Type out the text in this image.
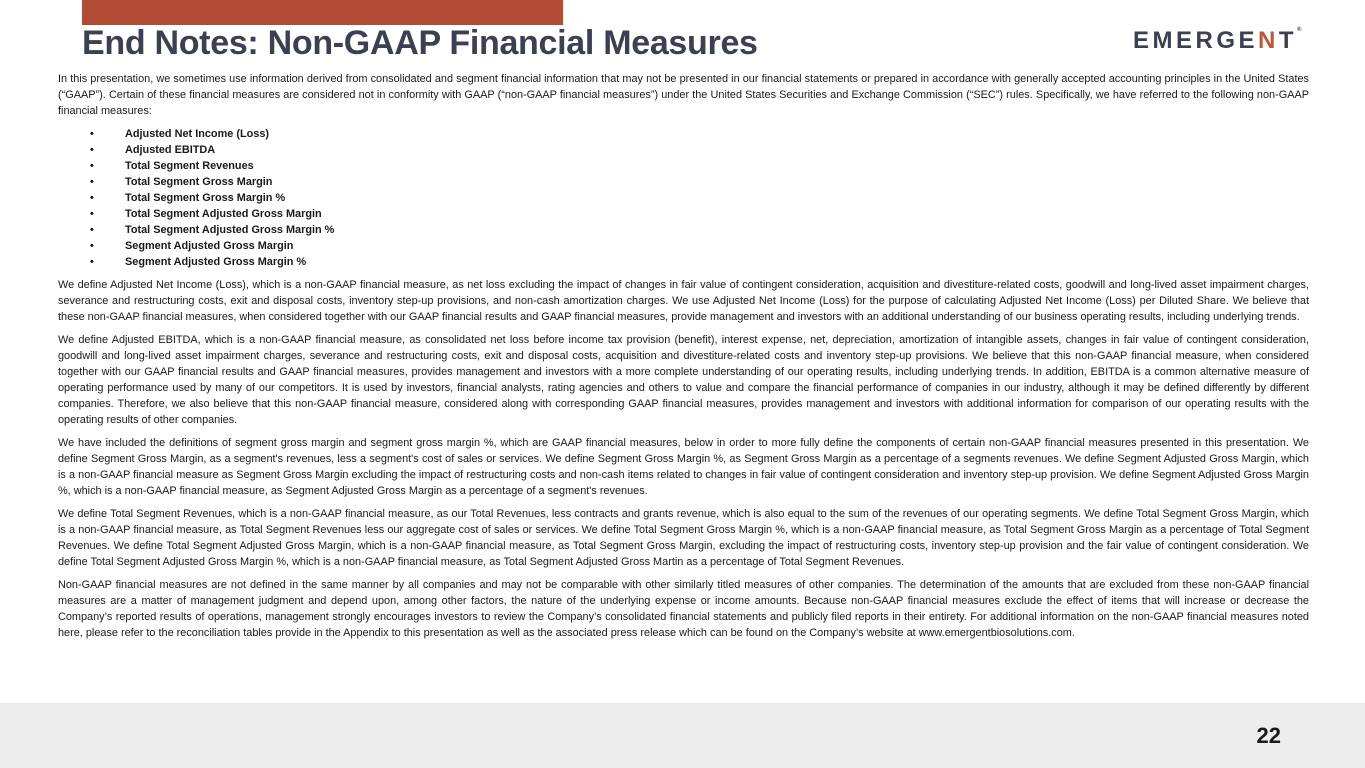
End Notes: Non-GAAP Financial Measures	EMERGENT®

In this presentation, we sometimes use information derived from consolidated and segment financial information that may not be presented in our financial statements or prepared in accordance with generally accepted accounting principles in the United States (“GAAP”). Certain of these financial measures are considered not in conformity with GAAP (“non-GAAP financial measures”) under the United States Securities and Exchange Commission (“SEC”) rules. Specifically, we have referred to the following non-GAAP financial measures:

•	Adjusted Net Income (Loss)
•	Adjusted EBITDA
•	Total Segment Revenues
•	Total Segment Gross Margin
•	Total Segment Gross Margin %
•	Total Segment Adjusted Gross Margin
•	Total Segment Adjusted Gross Margin %
•	Segment Adjusted Gross Margin
•	Segment Adjusted Gross Margin %

We define Adjusted Net Income (Loss), which is a non-GAAP financial measure, as net loss excluding the impact of changes in fair value of contingent consideration, acquisition and divestiture-related costs, goodwill and long-lived asset impairment charges, severance and restructuring costs, exit and disposal costs, inventory step-up provisions, and non-cash amortization charges. We use Adjusted Net Income (Loss) for the purpose of calculating Adjusted Net Income (Loss) per Diluted Share. We believe that these non-GAAP financial measures, when considered together with our GAAP financial results and GAAP financial measures, provide management and investors with an additional understanding of our business operating results, including underlying trends.

We define Adjusted EBITDA, which is a non-GAAP financial measure, as consolidated net loss before income tax provision (benefit), interest expense, net, depreciation, amortization of intangible assets, changes in fair value of contingent consideration, goodwill and long-lived asset impairment charges, severance and restructuring costs, exit and disposal costs, acquisition and divestiture-related costs and inventory step-up provisions. We believe that this non-GAAP financial measure, when considered together with our GAAP financial results and GAAP financial measures, provides management and investors with a more complete understanding of our operating results, including underlying trends. In addition, EBITDA is a common alternative measure of operating performance used by many of our competitors. It is used by investors, financial analysts, rating agencies and others to value and compare the financial performance of companies in our industry, although it may be defined differently by different companies. Therefore, we also believe that this non-GAAP financial measure, considered along with corresponding GAAP financial measures, provides management and investors with additional information for comparison of our operating results with the operating results of other companies.

We have included the definitions of segment gross margin and segment gross margin %, which are GAAP financial measures, below in order to more fully define the components of certain non-GAAP financial measures presented in this presentation. We define Segment Gross Margin, as a segment's revenues, less a segment's cost of sales or services. We define Segment Gross Margin %, as Segment Gross Margin as a percentage of a segments revenues. We define Segment Adjusted Gross Margin, which is a non-GAAP financial measure as Segment Gross Margin excluding the impact of restructuring costs and non-cash items related to changes in fair value of contingent consideration and inventory step-up provision. We define Segment Adjusted Gross Margin %, which is a non-GAAP financial measure, as Segment Adjusted Gross Margin as a percentage of a segment's revenues.

We define Total Segment Revenues, which is a non-GAAP financial measure, as our Total Revenues, less contracts and grants revenue, which is also equal to the sum of the revenues of our operating segments. We define Total Segment Gross Margin, which is a non-GAAP financial measure, as Total Segment Revenues less our aggregate cost of sales or services. We define Total Segment Gross Margin %, which is a non-GAAP financial measure, as Total Segment Gross Margin as a percentage of Total Segment Revenues. We define Total Segment Adjusted Gross Margin, which is a non-GAAP financial measure, as Total Segment Gross Margin, excluding the impact of restructuring costs, inventory step-up provision and the fair value of contingent consideration. We define Total Segment Adjusted Gross Margin %, which is a non-GAAP financial measure, as Total Segment Adjusted Gross Martin as a percentage of Total Segment Revenues.

Non-GAAP financial measures are not defined in the same manner by all companies and may not be comparable with other similarly titled measures of other companies. The determination of the amounts that are excluded from these non-GAAP financial measures are a matter of management judgment and depend upon, among other factors, the nature of the underlying expense or income amounts. Because non-GAAP financial measures exclude the effect of items that will increase or decrease the Company’s reported results of operations, management strongly encourages investors to review the Company’s consolidated financial statements and publicly filed reports in their entirety. For additional information on the non-GAAP financial measures noted here, please refer to the reconciliation tables provide in the Appendix to this presentation as well as the associated press release which can be found on the Company’s website at www.emergentbiosolutions.com.

22
